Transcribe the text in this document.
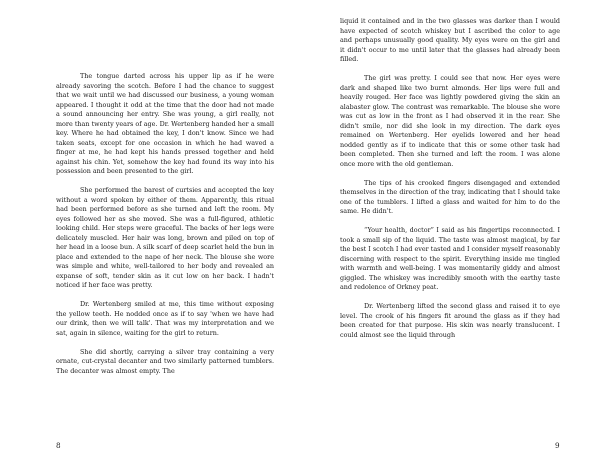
The tongue darted across his upper lip as if he were already savoring the scotch. Before I had the chance to suggest that we wait until we had discussed our business, a young woman appeared. I thought it odd at the time that the door had not made a sound announcing her entry. She was young, a girl really, not more than twenty years of age. Dr. Wertenberg handed her a small key. Where he had obtained the key, I don't know. Since we had taken seats, except for one occasion in which he had waved a finger at me, he had kept his hands pressed together and held against his chin. Yet, somehow the key had found its way into his possession and been presented to the girl.

She performed the barest of curtsies and accepted the key without a word spoken by either of them. Apparently, this ritual had been performed before as she turned and left the room. My eyes followed her as she moved. She was a full-figured, athletic looking child. Her steps were graceful. The backs of her legs were delicately muscled. Her hair was long, brown and piled on top of her head in a loose bun. A silk scarf of deep scarlet held the bun in place and extended to the nape of her neck. The blouse she wore was simple and white, well-tailored to her body and revealed an expanse of soft, tender skin as it cut low on her back. I hadn't noticed if her face was pretty.

Dr. Wertenberg smiled at me, this time without exposing the yellow teeth. He nodded once as if to say 'when we have had our drink, then we will talk'. That was my interpretation and we sat, again in silence, waiting for the girl to return.

She did shortly, carrying a silver tray containing a very ornate, cut-crystal decanter and two similarly patterned tumblers. The decanter was almost empty. The

8

liquid it contained and in the two glasses was darker than I would have expected of scotch whiskey but I ascribed the color to age and perhaps unusually good quality. My eyes were on the girl and it didn't occur to me until later that the glasses had already been filled.

The girl was pretty. I could see that now. Her eyes were dark and shaped like two burnt almonds. Her lips were full and heavily rouged. Her face was lightly powdered giving the skin an alabaster glow. The contrast was remarkable. The blouse she wore was cut as low in the front as I had observed it in the rear. She didn't smile, nor did she look in my direction. The dark eyes remained on Wertenberg. Her eyelids lowered and her head nodded gently as if to indicate that this or some other task had been completed. Then she turned and left the room. I was alone once more with the old gentleman.

The tips of his crooked fingers disengaged and extended themselves in the direction of the tray, indicating that I should take one of the tumblers. I lifted a glass and waited for him to do the same. He didn't.

“Your health, doctor” I said as his fingertips reconnected. I took a small sip of the liquid. The taste was almost magical, by far the best I scotch I had ever tasted and I consider myself reasonably discerning with respect to the spirit. Everything inside me tingled with warmth and well-being. I was momentarily giddy and almost giggled. The whiskey was incredibly smooth with the earthy taste and redolence of Orkney peat.

Dr. Wertenberg lifted the second glass and raised it to eye level. The crook of his fingers fit around the glass as if they had been created for that purpose. His skin was nearly translucent. I could almost see the liquid through

9
